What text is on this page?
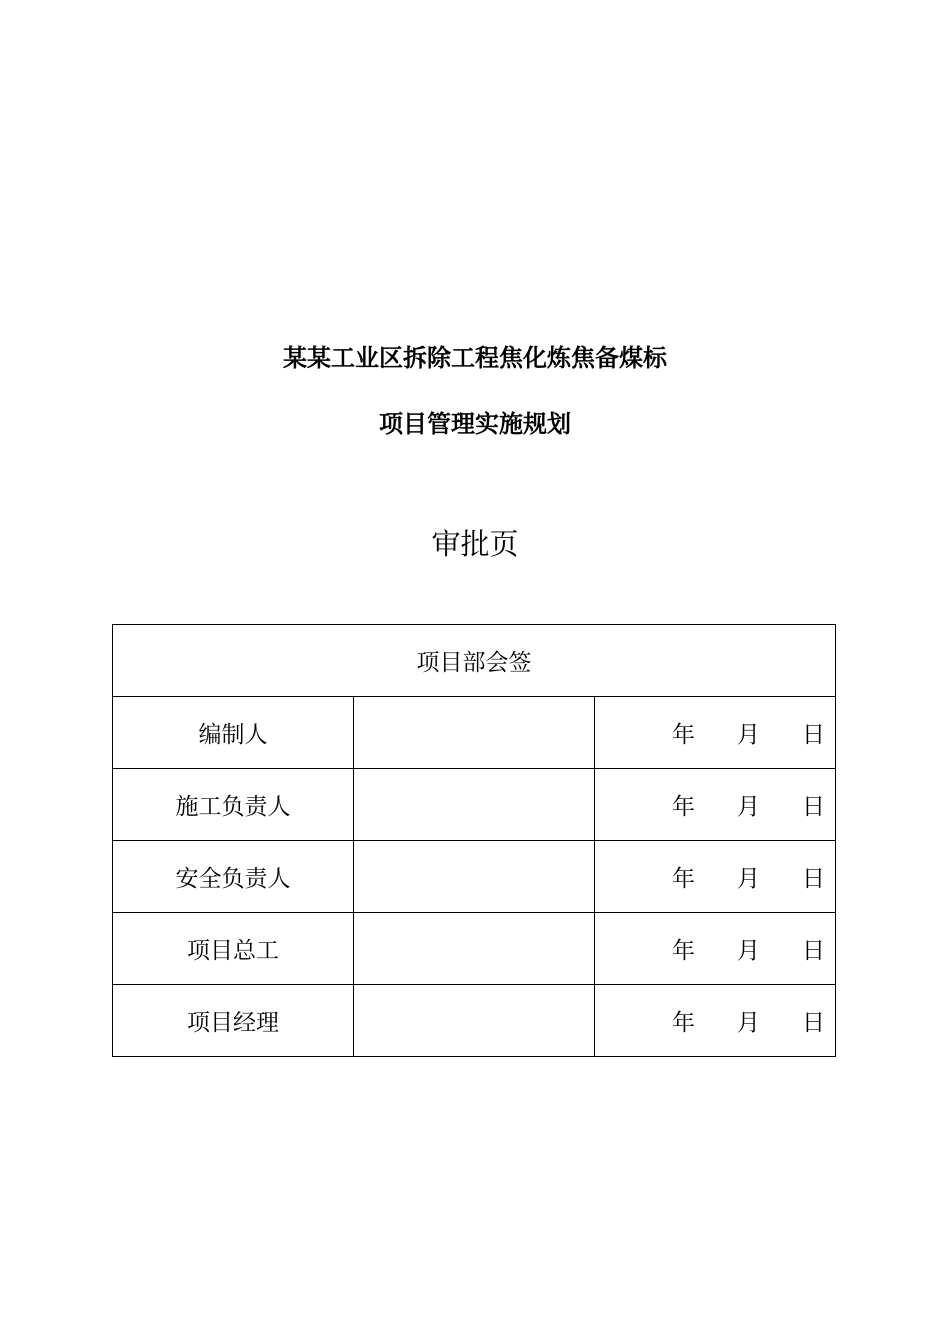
某某工业区拆除工程焦化炼焦备煤标
项目管理实施规划
审批页
项目部会签		
编制人		年 月 日
施工负责人		年 月 日
安全负责人		年 月 日
项目总工		年 月 日
项目经理		年 月 日
